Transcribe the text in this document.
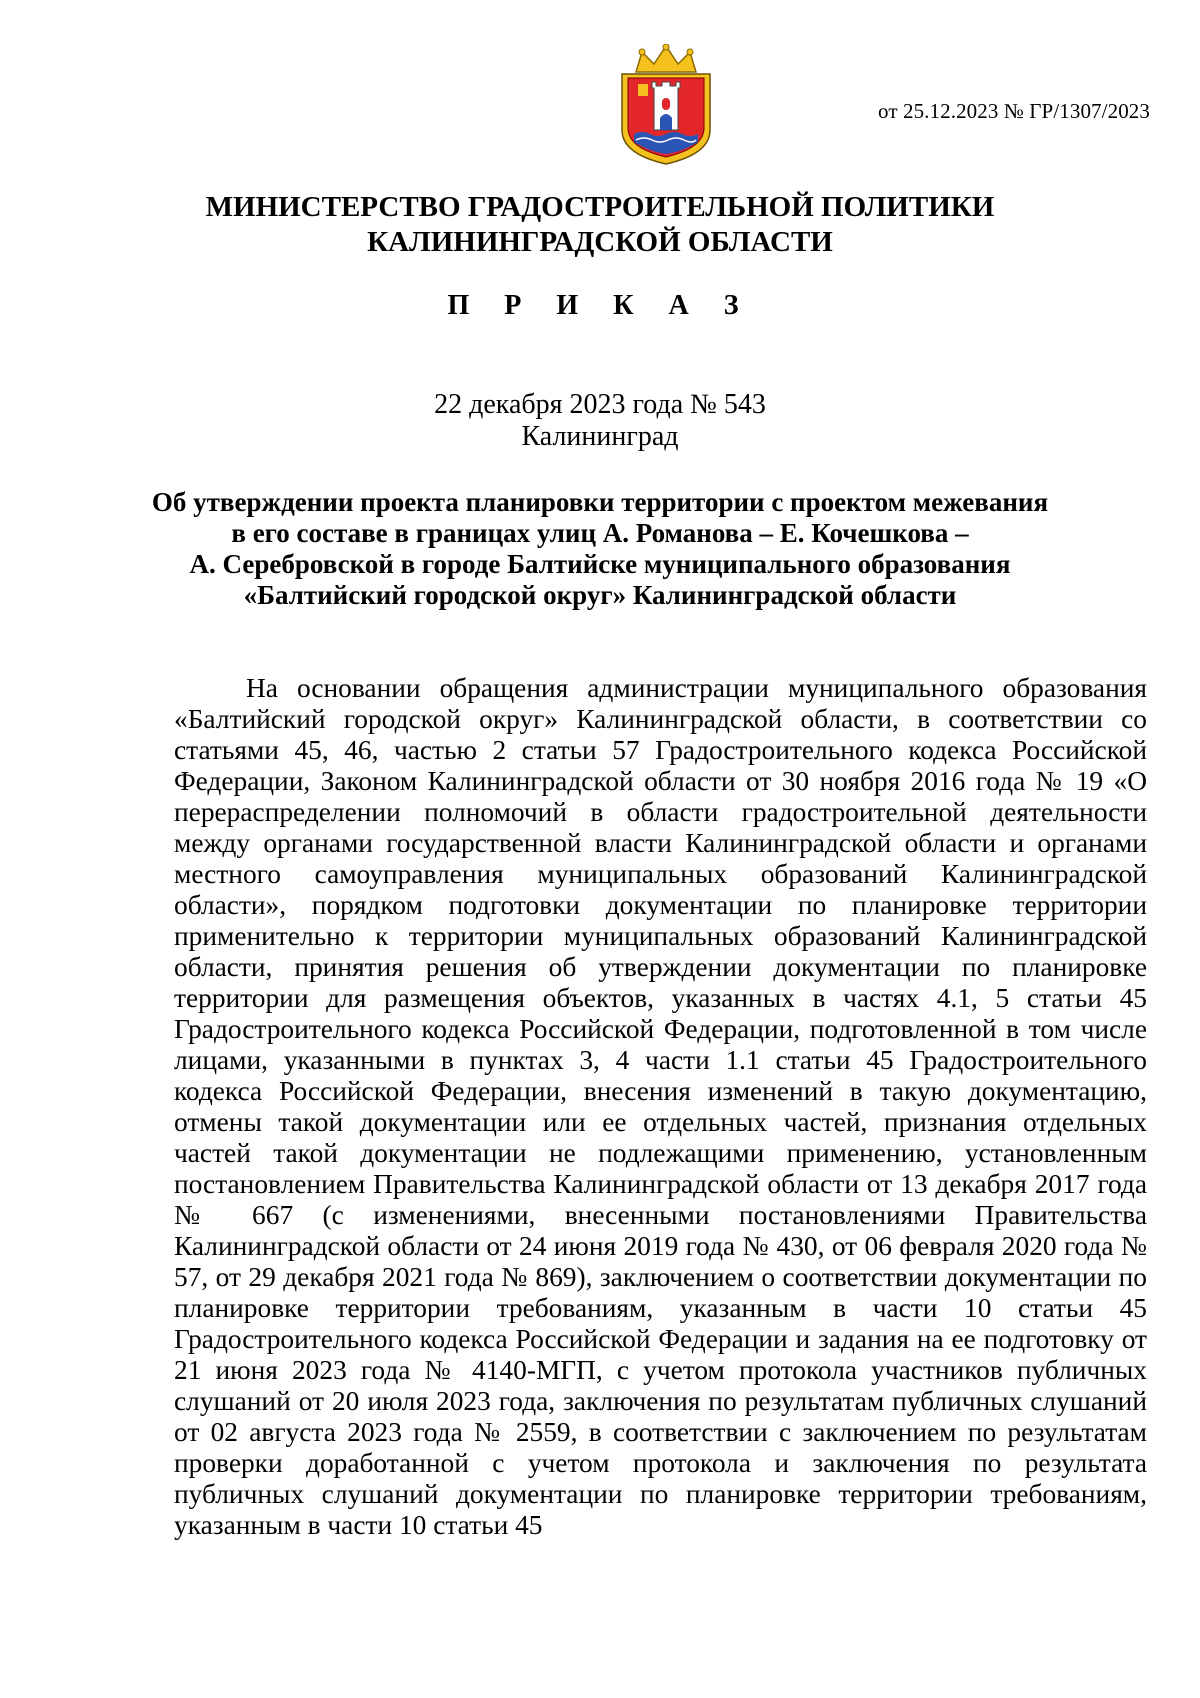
от 25.12.2023 № ГР/1307/2023
МИНИСТЕРСТВО ГРАДОСТРОИТЕЛЬНОЙ ПОЛИТИКИ
КАЛИНИНГРАДСКОЙ ОБЛАСТИ
П Р И К А З
22 декабря 2023 года № 543
Калининград
Об утверждении проекта планировки территории с проектом межевания
в его составе в границах улиц А. Романова – Е. Кочешкова –
А. Серебровской в городе Балтийске муниципального образования
«Балтийский городской округ» Калининградской области

На основании обращения администрации муниципального образования «Балтийский городской округ» Калининградской области, в соответствии со статьями 45, 46, частью 2 статьи 57 Градостроительного кодекса Российской Федерации, Законом Калининградской области от 30 ноября 2016 года № 19 «О перераспределении полномочий в области градостроительной деятельности между органами государственной власти Калининградской области и органами местного самоуправления муниципальных образований Калининградской области», порядком подготовки документации по планировке территории применительно к территории муниципальных образований Калининградской области, принятия решения об утверждении документации по планировке территории для размещения объектов, указанных в частях 4.1, 5 статьи 45 Градостроительного кодекса Российской Федерации, подготовленной в том числе лицами, указанными в пунктах 3, 4 части 1.1 статьи 45 Градостроительного кодекса Российской Федерации, внесения изменений в такую документацию, отмены такой документации или ее отдельных частей, признания отдельных частей такой документации не подлежащими применению, установленным постановлением Правительства Калининградской области от 13 декабря 2017 года № 667 (с изменениями, внесенными постановлениями Правительства Калининградской области от 24 июня 2019 года № 430, от 06 февраля 2020 года № 57, от 29 декабря 2021 года № 869), заключением о соответствии документации по планировке территории требованиям, указанным в части 10 статьи 45 Градостроительного кодекса Российской Федерации и задания на ее подготовку от 21 июня 2023 года № 4140-МГП, с учетом протокола участников публичных слушаний от 20 июля 2023 года, заключения по результатам публичных слушаний от 02 августа 2023 года № 2559, в соответствии с заключением по результатам проверки доработанной с учетом протокола и заключения по результата публичных слушаний документации по планировке территории требованиям, указанным в части 10 статьи 45
